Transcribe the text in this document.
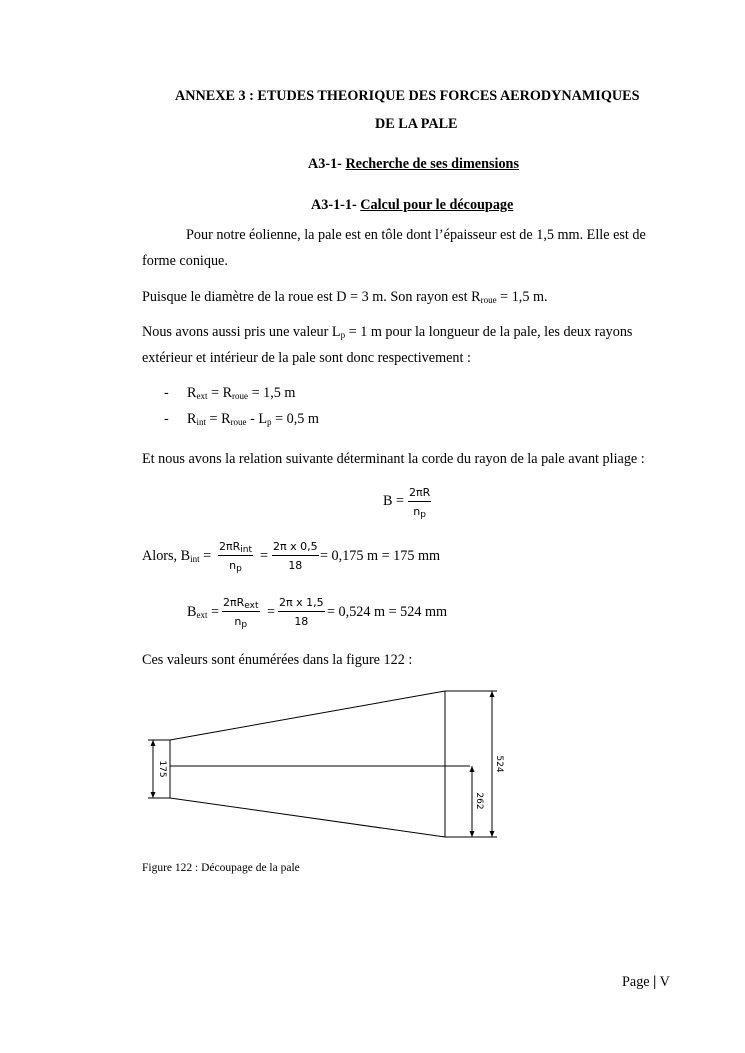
ANNEXE 3 : ETUDES THEORIQUE DES FORCES AERODYNAMIQUES
DE LA PALE
A3-1- Recherche de ses dimensions
A3-1-1- Calcul pour le découpage
Pour notre éolienne, la pale est en tôle dont l’épaisseur est de 1,5 mm. Elle est de
forme conique.
Puisque le diamètre de la roue est D = 3 m. Son rayon est $R_{roue} = 1,5$ m.
Nous avons aussi pris une valeur $L_p = 1$ m pour la longueur de la pale, les deux rayons
extérieur et intérieur de la pale sont donc respectivement :
- $R_{ext} = R_{roue} = 1,5$ m
- $R_{int} = R_{roue} - L_p = 0,5$ m
Et nous avons la relation suivante déterminant la corde du rayon de la pale avant pliage :
B =
2πR
$n_p$
Alors, $B_{int}$ =
$2\pi R_{int}$
$n_p$
=
2π x 0,5
18
= 0,175 m = 175 mm
$B_{ext}$ =
$2\pi R_{ext}$
$n_p$
=
2π x 1,5
18
= 0,524 m = 524 mm
Ces valeurs sont énumérées dans la figure 122 :
175	524
262
Figure 122 : Découpage de la pale
Page | V
